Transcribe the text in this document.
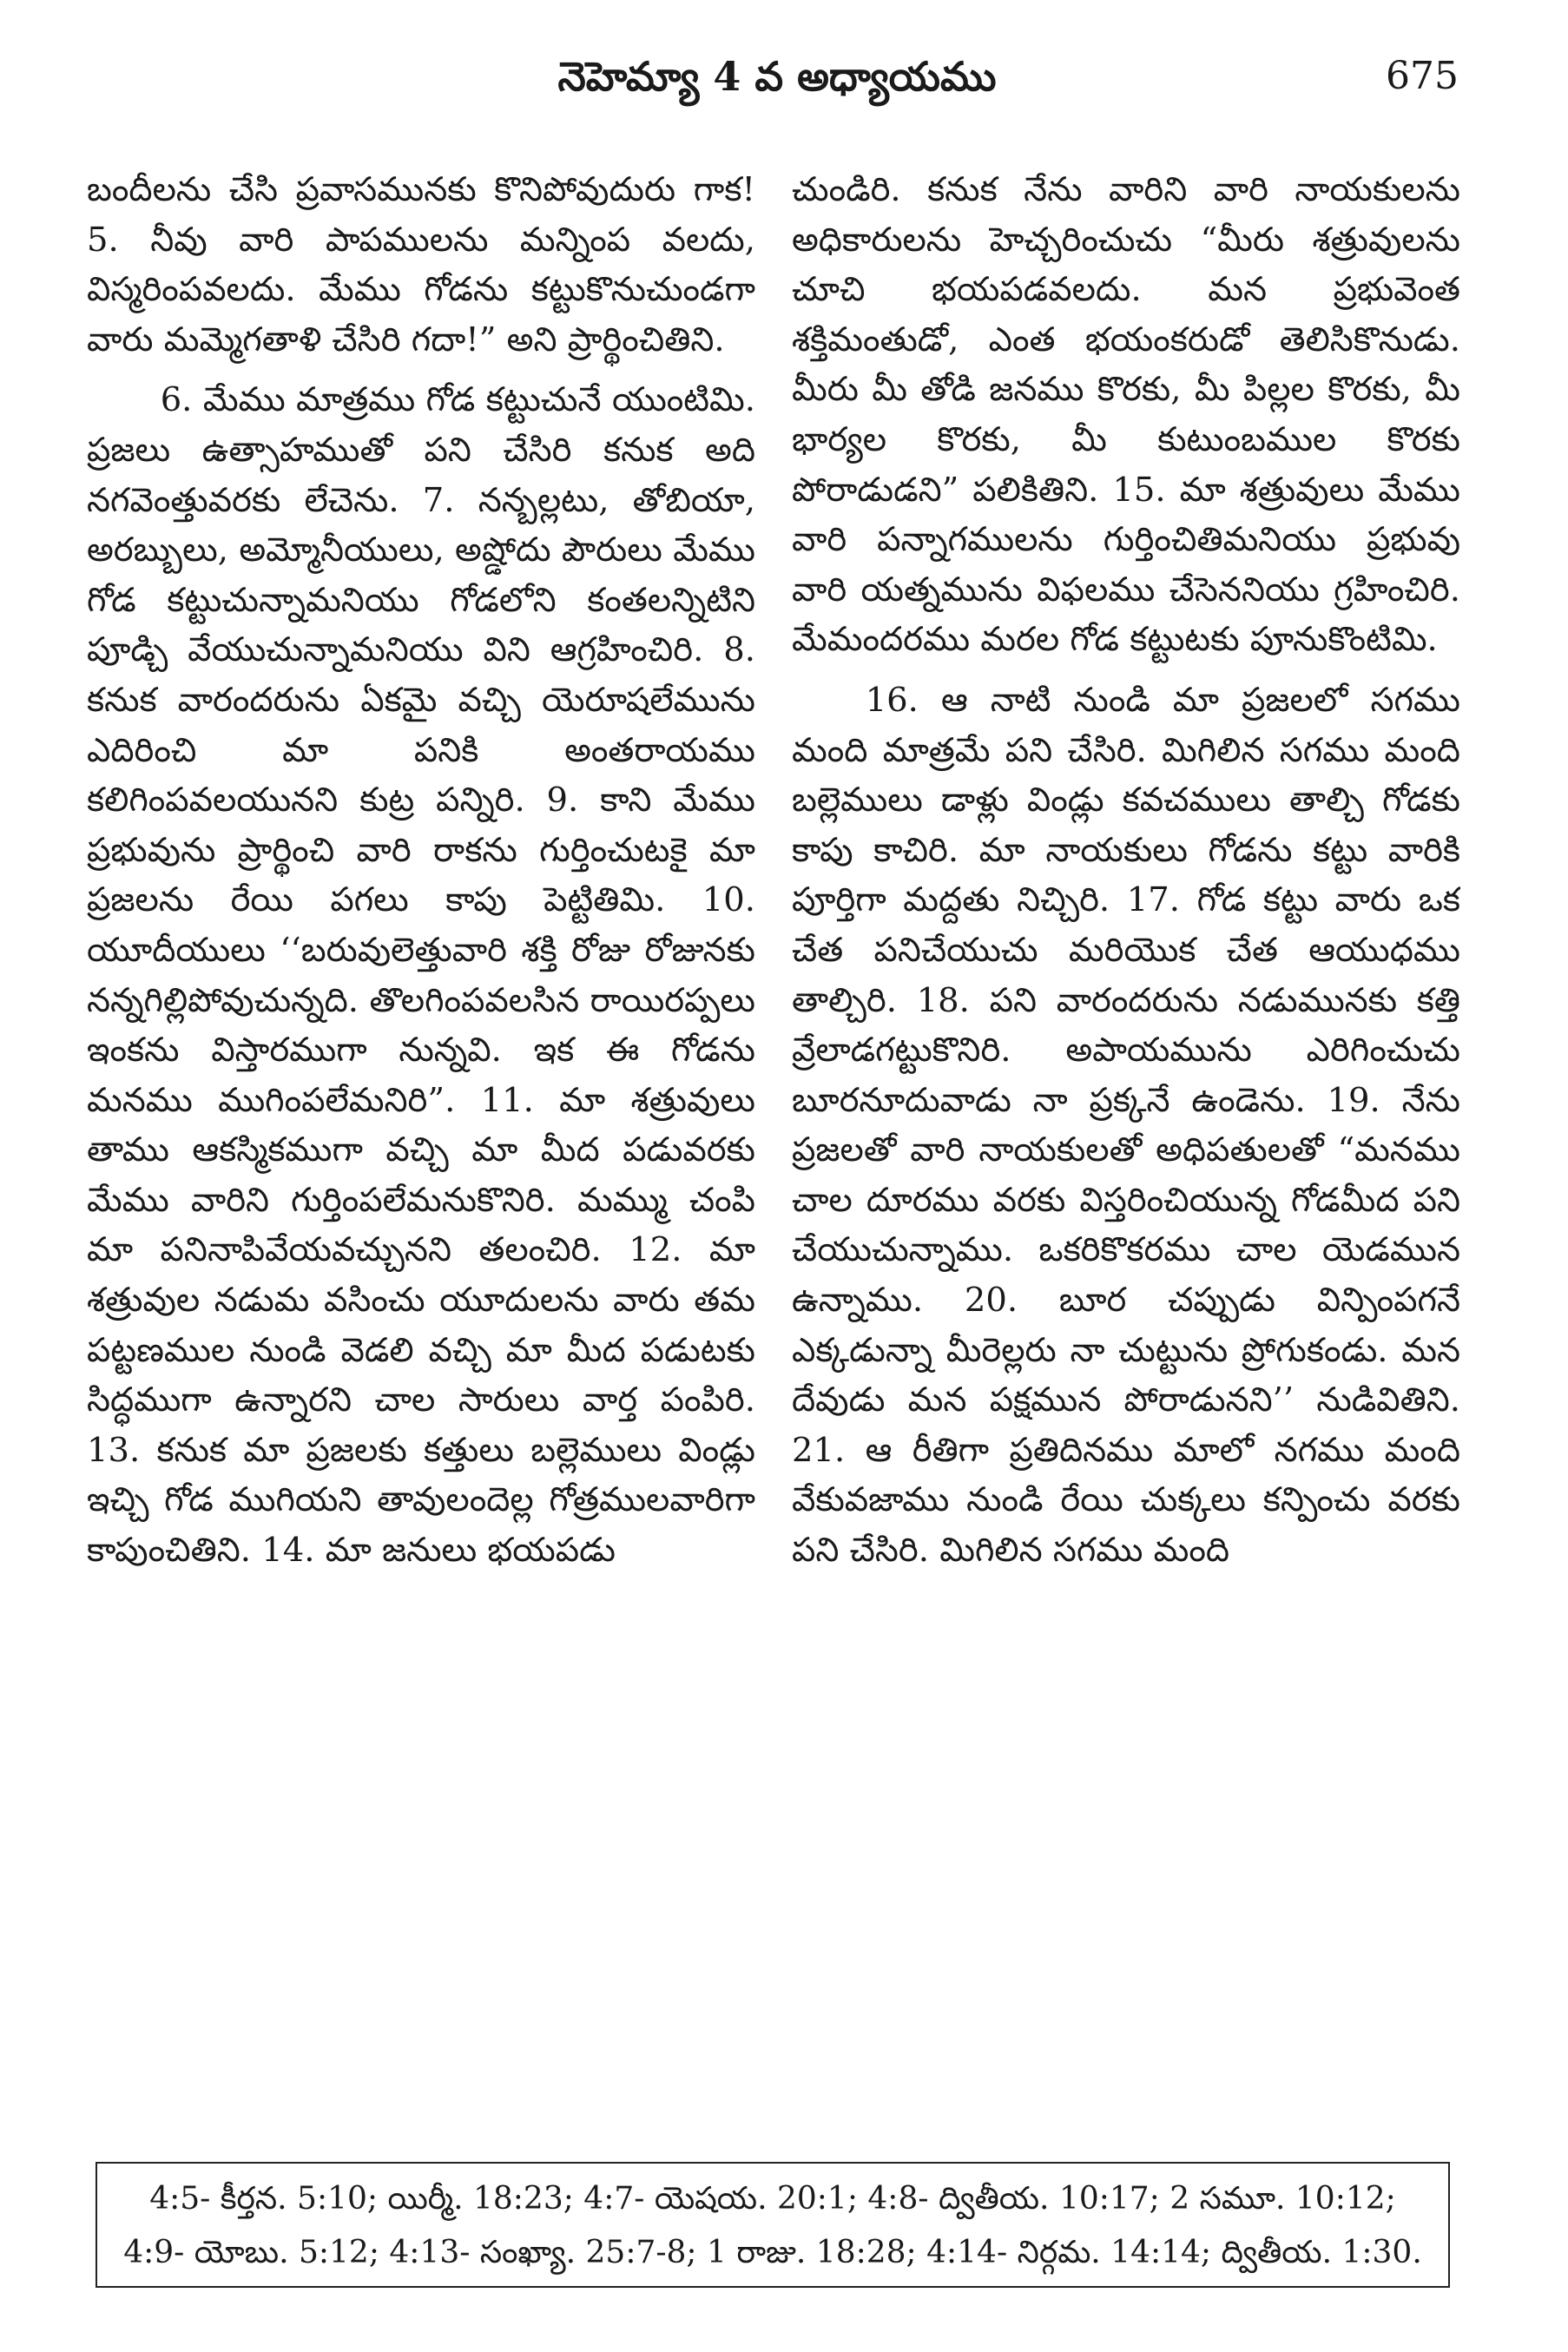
నెహెమ్యా 4 వ అధ్యాయము	675

బందీలను చేసి ప్రవాసమునకు కొనిపోవుదురు గాక! 5. నీవు వారి పాపములను మన్నింప వలదు, విస్మరింపవలదు. మేము గోడను కట్టుకొనుచుండగా వారు మమ్మెగతాళి చేసిరి గదా!” అని ప్రార్థించితిని.

6. మేము మాత్రము గోడ కట్టుచునే యుంటిమి. ప్రజలు ఉత్సాహముతో పని చేసిరి కనుక అది నగవెంత్తువరకు లేచెను. 7. నన్బల్లటు, తోబియా, అరబ్బులు, అమ్మోనీయులు, అష్డోదు పౌరులు మేము గోడ కట్టుచున్నామనియు గోడలోని కంతలన్నిటిని పూడ్చి వేయుచున్నామనియు విని ఆగ్రహించిరి. 8. కనుక వారందరును ఏకమై వచ్చి యెరూషలేమును ఎదిరించి మా పనికి అంతరాయము కలిగింపవలయునని కుట్ర పన్నిరి. 9. కాని మేము ప్రభువును ప్రార్థించి వారి రాకను గుర్తించుటకై మా ప్రజలను రేయి పగలు కాపు పెట్టితిమి. 10. యూదీయులు ‘‘బరువులెత్తువారి శక్తి రోజు రోజునకు నన్నగిల్లిపోవుచున్నది. తొలగింపవలసిన రాయిరప్పలు ఇంకను విస్తారముగా నున్నవి. ఇక ఈ గోడను మనము ముగింపలేమనిరి”. 11. మా శత్రువులు తాము ఆకస్మికముగా వచ్చి మా మీద పడువరకు మేము వారిని గుర్తింపలేమనుకొనిరి. మమ్ము చంపి మా పనినాపివేయవచ్చునని తలంచిరి. 12. మా శత్రువుల నడుమ వసించు యూదులను వారు తమ పట్టణముల నుండి వెడలి వచ్చి మా మీద పడుటకు సిద్ధముగా ఉన్నారని చాల సారులు వార్త పంపిరి. 13. కనుక మా ప్రజలకు కత్తులు బల్లెములు విండ్లు ఇచ్చి గోడ ముగియని తావులందెల్ల గోత్రములవారిగా కాపుంచితిని. 14. మా జనులు భయపడు

చుండిరి. కనుక నేను వారిని వారి నాయకులను అధికారులను హెచ్చరించుచు “మీరు శత్రువులను చూచి భయపడవలదు. మన ప్రభువెంత శక్తిమంతుడో, ఎంత భయంకరుడో తెలిసికొనుడు. మీరు మీ తోడి జనము కొరకు, మీ పిల్లల కొరకు, మీ భార్యల కొరకు, మీ కుటుంబముల కొరకు పోరాడుడని” పలికితిని. 15. మా శత్రువులు మేము వారి పన్నాగములను గుర్తించితిమనియు ప్రభువు వారి యత్నమును విఫలము చేసెననియు గ్రహించిరి. మేమందరము మరల గోడ కట్టుటకు పూనుకొంటిమి.

16. ఆ నాటి నుండి మా ప్రజలలో సగము మంది మాత్రమే పని చేసిరి. మిగిలిన సగము మంది బల్లెములు డాళ్లు విండ్లు కవచములు తాల్చి గోడకు కాపు కాచిరి. మా నాయకులు గోడను కట్టు వారికి పూర్తిగా మద్దతు నిచ్చిరి. 17. గోడ కట్టు వారు ఒక చేత పనిచేయుచు మరియొక చేత ఆయుధము తాల్చిరి. 18. పని వారందరును నడుమునకు కత్తి వ్రేలాడగట్టుకొనిరి. అపాయమును ఎరిగించుచు బూరనూదువాడు నా ప్రక్కనే ఉండెను. 19. నేను ప్రజలతో వారి నాయకులతో అధిపతులతో “మనము చాల దూరము వరకు విస్తరించియున్న గోడమీద పని చేయుచున్నాము. ఒకరికొకరము చాల యెడమున ఉన్నాము. 20. బూర చప్పుడు విన్పింపగనే ఎక్కడున్నా మీరెల్లరు నా చుట్టును ప్రోగుకండు. మన దేవుడు మన పక్షమున పోరాడునని’’ నుడివితిని. 21. ఆ రీతిగా ప్రతిదినము మాలో నగము మంది వేకువజాము నుండి రేయి చుక్కలు కన్పించు వరకు పని చేసిరి. మిగిలిన సగము మంది

4:5- కీర్తన. 5:10; యిర్మీ. 18:23; 4:7- యెషయ. 20:1; 4:8- ద్వితీయ. 10:17; 2 సమూ. 10:12;
4:9- యోబు. 5:12; 4:13- సంఖ్యా. 25:7-8; 1 రాజు. 18:28; 4:14- నిర్గమ. 14:14; ద్వితీయ. 1:30.
